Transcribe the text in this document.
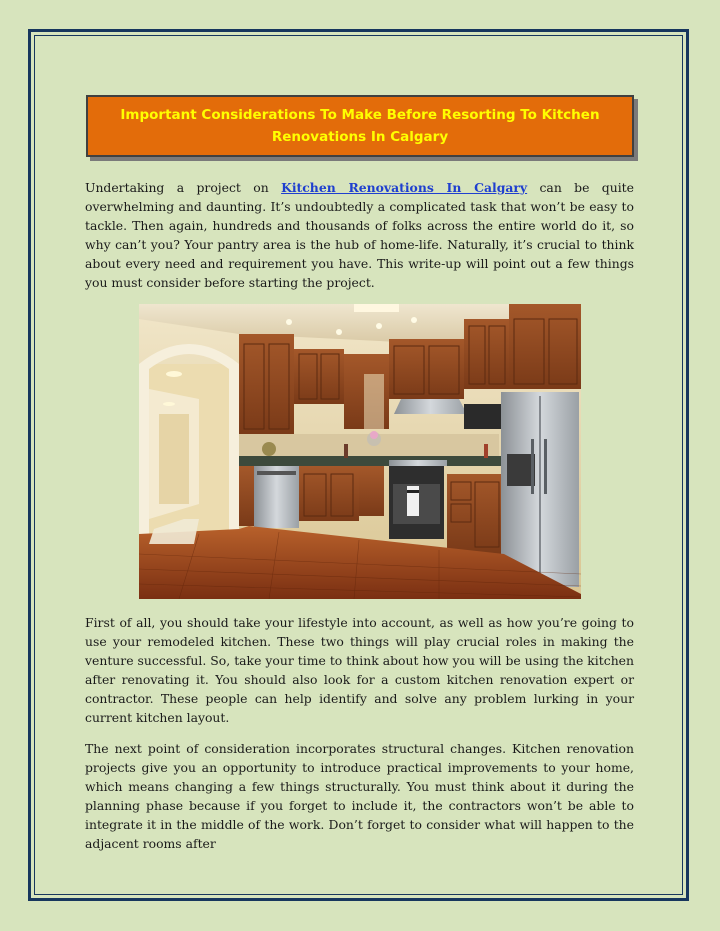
Important Considerations To Make Before Resorting To Kitchen Renovations In Calgary

Undertaking a project on Kitchen Renovations In Calgary can be quite overwhelming and daunting. It’s undoubtedly a complicated task that won’t be easy to tackle. Then again, hundreds and thousands of folks across the entire world do it, so why can’t you? Your pantry area is the hub of home-life. Naturally, it’s crucial to think about every need and requirement you have. This write-up will point out a few things you must consider before starting the project.

First of all, you should take your lifestyle into account, as well as how you’re going to use your remodeled kitchen. These two things will play crucial roles in making the venture successful. So, take your time to think about how you will be using the kitchen after renovating it. You should also look for a custom kitchen renovation expert or contractor. These people can help identify and solve any problem lurking in your current kitchen layout.

The next point of consideration incorporates structural changes. Kitchen renovation projects give you an opportunity to introduce practical improvements to your home, which means changing a few things structurally. You must think about it during the planning phase because if you forget to include it, the contractors won’t be able to integrate it in the middle of the work. Don’t forget to consider what will happen to the adjacent rooms after
